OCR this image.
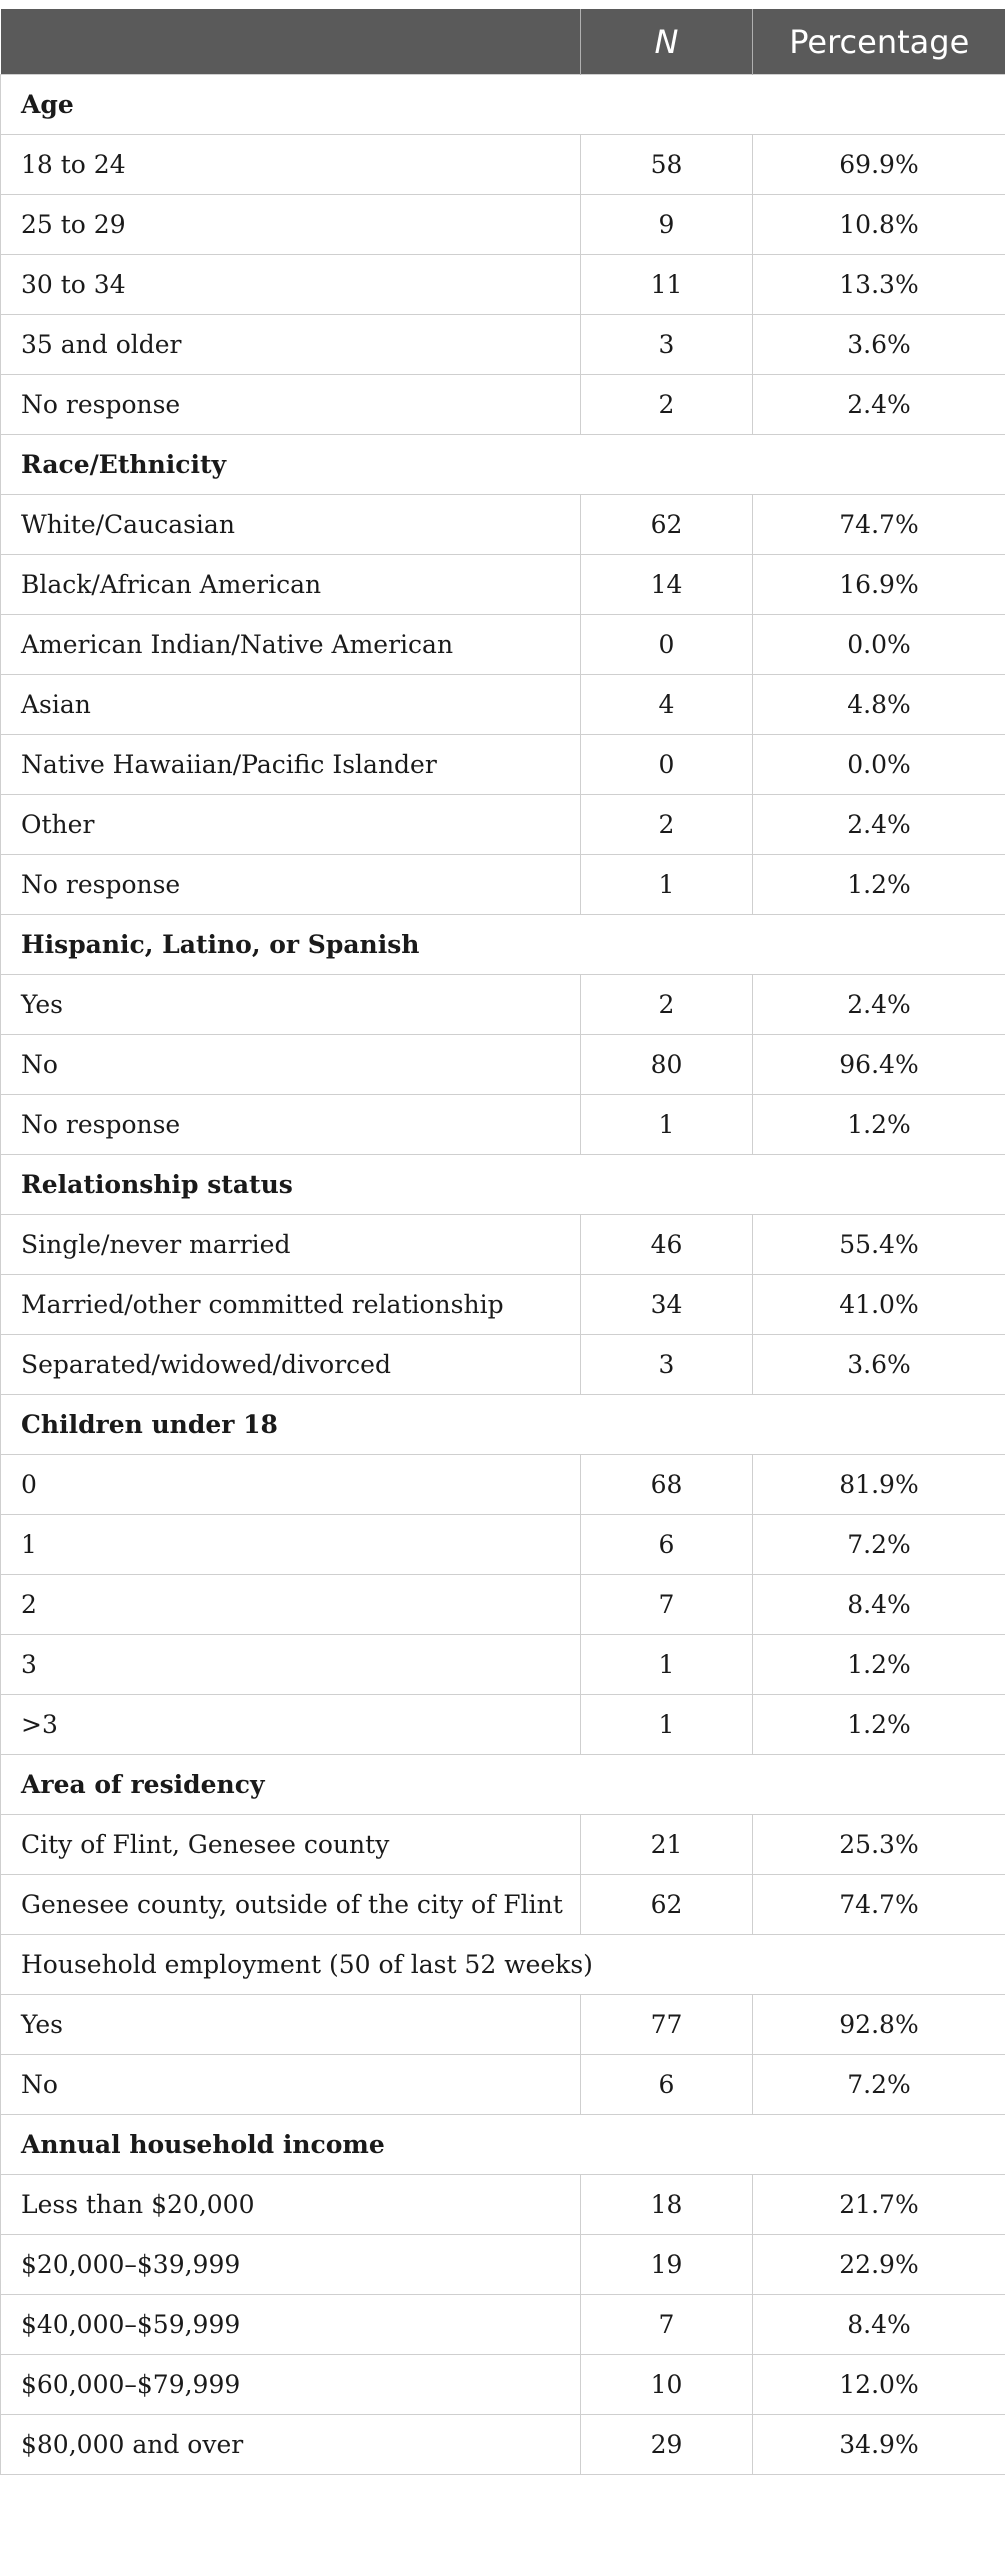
	N	Percentage
Age		
18 to 24	58	69.9%
25 to 29	9	10.8%
30 to 34	11	13.3%
35 and older	3	3.6%
No response	2	2.4%
Race/Ethnicity		
White/Caucasian	62	74.7%
Black/African American	14	16.9%
American Indian/Native American	0	0.0%
Asian	4	4.8%
Native Hawaiian/Pacific Islander	0	0.0%
Other	2	2.4%
No response	1	1.2%
Hispanic, Latino, or Spanish		
Yes	2	2.4%
No	80	96.4%
No response	1	1.2%
Relationship status		
Single/never married	46	55.4%
Married/other committed relationship	34	41.0%
Separated/widowed/divorced	3	3.6%
Children under 18		
0	68	81.9%
1	6	7.2%
2	7	8.4%
3	1	1.2%
>3	1	1.2%
Area of residency		
City of Flint, Genesee county	21	25.3%
Genesee county, outside of the city of Flint	62	74.7%
Household employment (50 of last 52 weeks)		
Yes	77	92.8%
No	6	7.2%
Annual household income		
Less than $20,000	18	21.7%
$20,000–$39,999	19	22.9%
$40,000–$59,999	7	8.4%
$60,000–$79,999	10	12.0%
$80,000 and over	29	34.9%
